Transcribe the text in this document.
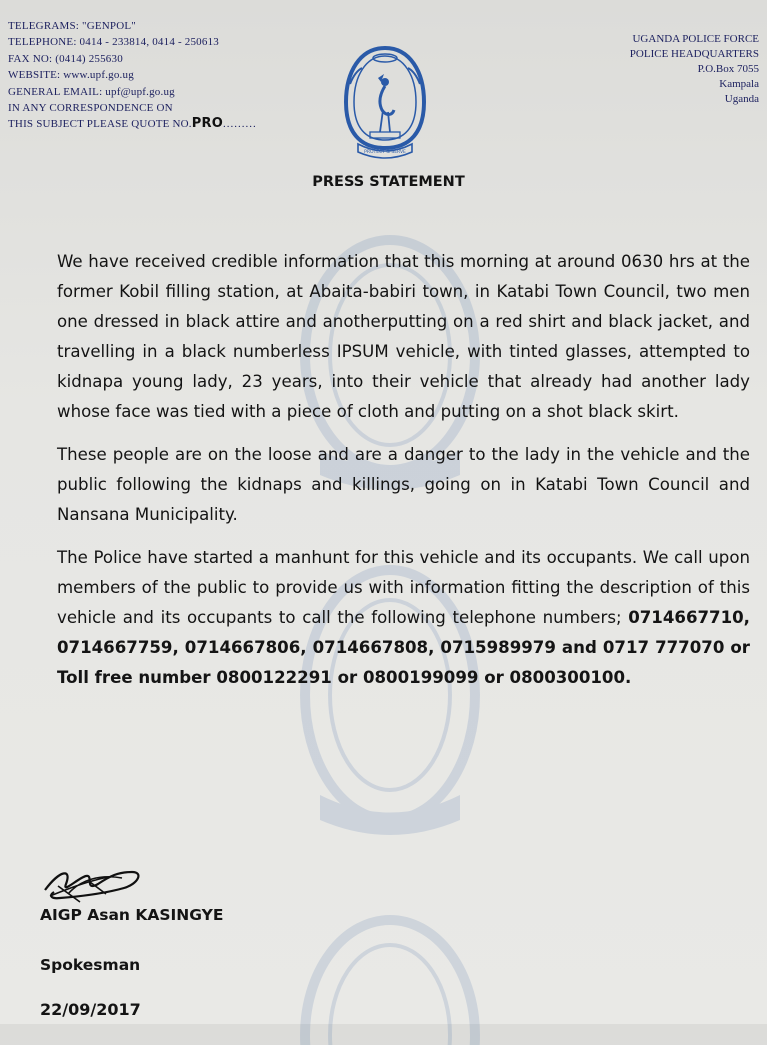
TELEGRAMS: "GENPOL"
TELEPHONE: 0414 - 233814, 0414 - 250613
FAX NO: (0414) 255630
WEBSITE: www.upf.go.ug
GENERAL EMAIL: upf@upf.go.ug
IN ANY CORRESPONDENCE ON
THIS SUBJECT PLEASE QUOTE NO.PRO.........
PROTECT & SERVE
UGANDA POLICE FORCE
POLICE HEADQUARTERS
P.O.Box 7055
Kampala
Uganda
PRESS STATEMENT

We have received credible information that this morning at around 0630 hrs at the former Kobil filling station, at Abaita-babiri town, in Katabi Town Council, two men one dressed in black attire and anotherputting on a red shirt and black jacket, and travelling in a black numberless IPSUM vehicle, with tinted glasses, attempted to kidnapa young lady, 23 years, into their vehicle that already had another lady whose face was tied with a piece of cloth and putting on a shot black skirt.

These people are on the loose and are a danger to the lady in the vehicle and the public following the kidnaps and killings, going on in Katabi Town Council and Nansana Municipality.

The Police have started a manhunt for this vehicle and its occupants. We call upon members of the public to provide us with information fitting the description of this vehicle and its occupants to call the following telephone numbers; 0714667710, 0714667759, 0714667806, 0714667808, 0715989979 and 0717 777070 or Toll free number 0800122291 or 0800199099 or 0800300100.

AIGP Asan KASINGYE
Spokesman
22/09/2017
